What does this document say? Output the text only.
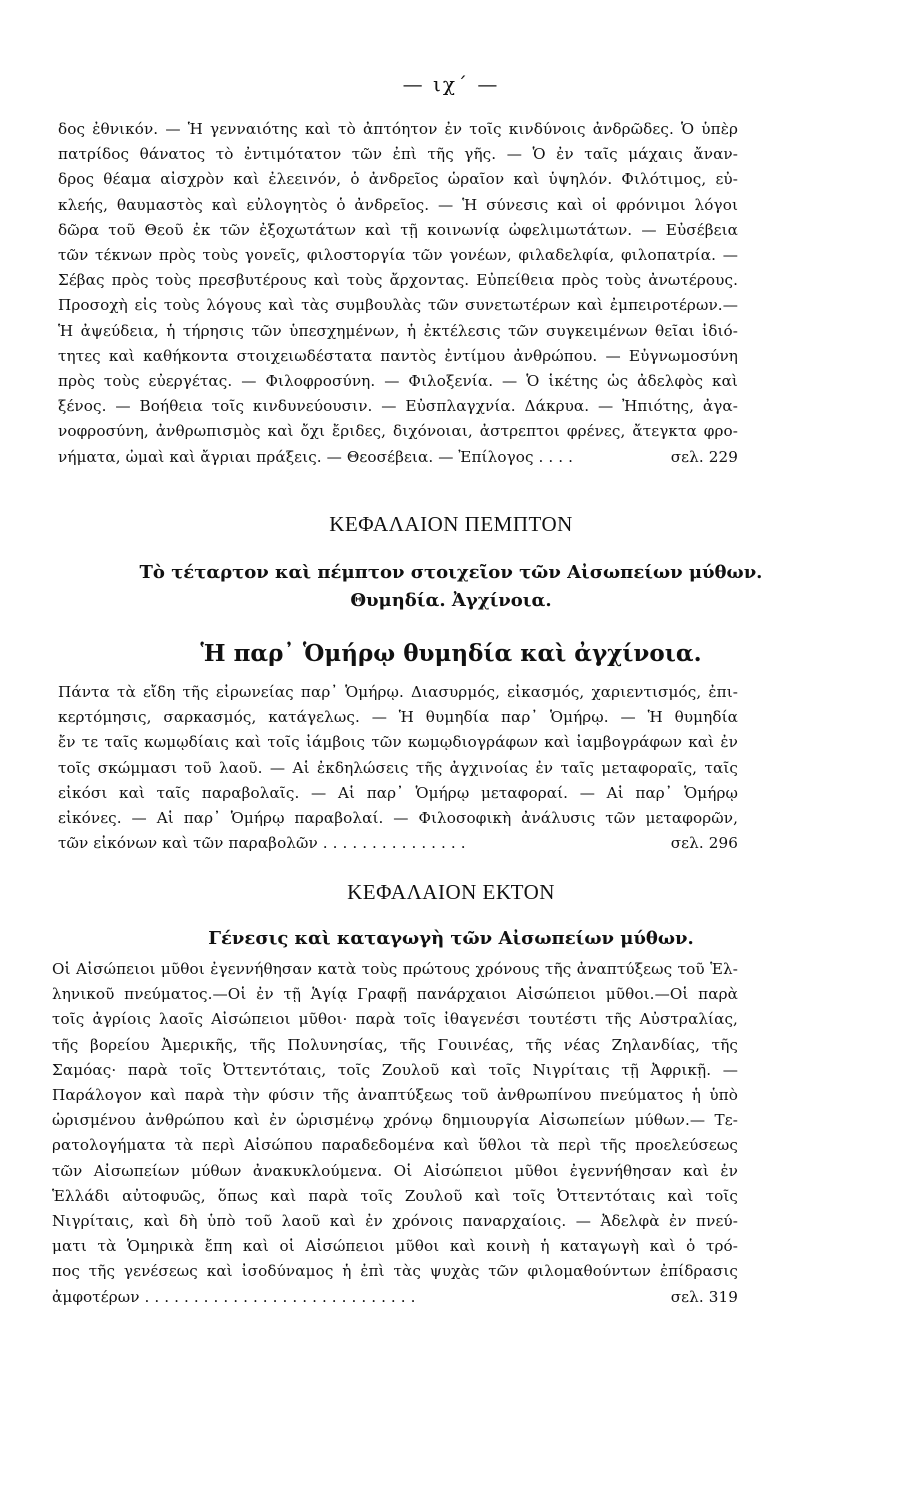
— ιχ΄ —
δος ἐθνικόν. — Ἡ γενναιότης καὶ τὸ ἀπτόητον ἐν τοῖς κινδύνοις ἀνδρῶδες. Ὁ ὑπὲρ
πατρίδος θάνατος τὸ ἐντιμότατον τῶν ἐπὶ τῆς γῆς. — Ὁ ἐν ταῖς μάχαις ἄναν-
δρος θέαμα αἰσχρὸν καὶ ἐλεεινόν, ὁ ἀνδρεῖος ὡραῖον καὶ ὑψηλόν. Φιλότιμος, εὐ-
κλεής, θαυμαστὸς καὶ εὐλογητὸς ὁ ἀνδρεῖος. — Ἡ σύνεσις καὶ οἱ φρόνιμοι λόγοι
δῶρα τοῦ Θεοῦ ἐκ τῶν ἐξοχωτάτων καὶ τῇ κοινωνίᾳ ὠφελιμωτάτων. — Εὐσέβεια
τῶν τέκνων πρὸς τοὺς γονεῖς, φιλοστοργία τῶν γονέων, φιλαδελφία, φιλοπατρία. —
Σέβας πρὸς τοὺς πρεσβυτέρους καὶ τοὺς ἄρχοντας. Εὐπείθεια πρὸς τοὺς ἀνωτέρους.
Προσοχὴ εἰς τοὺς λόγους καὶ τὰς συμβουλὰς τῶν συνετωτέρων καὶ ἐμπειροτέρων.—
Ἡ ἀψεύδεια, ἡ τήρησις τῶν ὑπεσχημένων, ἡ ἐκτέλεσις τῶν συγκειμένων θεῖαι ἰδιό-
τητες καὶ καθήκοντα στοιχειωδέστατα παντὸς ἐντίμου ἀνθρώπου. — Εὐγνωμοσύνη
πρὸς τοὺς εὐεργέτας. — Φιλοφροσύνη. — Φιλοξενία. — Ὁ ἱκέτης ὡς ἀδελφὸς καὶ
ξένος. — Βοήθεια τοῖς κινδυνεύουσιν. — Εὐσπλαγχνία. Δάκρυα. — Ἠπιότης, ἀγα-
νοφροσύνη, ἀνθρωπισμὸς καὶ ὄχι ἔριδες, διχόνοιαι, ἀστρεπτοι φρένες, ἄτεγκτα φρο-
νήματα, ὠμαὶ καὶ ἄγριαι πράξεις. — Θεοσέβεια. — Ἐπίλογος . . . .	σελ. 229
ΚΕΦΑΛΑΙΟΝ ΠΕΜΠΤΟΝ
Τὸ τέταρτον καὶ πέμπτον στοιχεῖον τῶν Αἰσωπείων μύθων.
Θυμηδία. Ἀγχίνοια.
Ἡ παρ᾽ Ὁμήρῳ θυμηδία καὶ ἀγχίνοια.
Πάντα τὰ εἴδη τῆς εἰρωνείας παρ᾽ Ὁμήρῳ. Διασυρμός, εἰκασμός, χαριεντισμός, ἐπι-
κερτόμησις, σαρκασμός, κατάγελως. — Ἡ θυμηδία παρ᾽ Ὁμήρῳ. — Ἡ θυμηδία
ἔν τε ταῖς κωμῳδίαις καὶ τοῖς ἰάμβοις τῶν κωμῳδιογράφων καὶ ἰαμβογράφων καὶ ἐν
τοῖς σκώμμασι τοῦ λαοῦ. — Αἱ ἐκδηλώσεις τῆς ἀγχινοίας ἐν ταῖς μεταφοραῖς, ταῖς
εἰκόσι καὶ ταῖς παραβολαῖς. — Αἱ παρ᾽ Ὁμήρῳ μεταφοραί. — Αἱ παρ᾽ Ὁμήρῳ
εἰκόνες. — Αἱ παρ᾽ Ὁμήρῳ παραβολαί. — Φιλοσοφικὴ ἀνάλυσις τῶν μεταφορῶν,
τῶν εἰκόνων καὶ τῶν παραβολῶν . . . . . . . . . . . . . . .	σελ. 296
ΚΕΦΑΛΑΙΟΝ ΕΚΤΟΝ
Γένεσις καὶ καταγωγὴ τῶν Αἰσωπείων μύθων.
Οἱ Αἰσώπειοι μῦθοι ἐγεννήθησαν κατὰ τοὺς πρώτους χρόνους τῆς ἀναπτύξεως τοῦ Ἑλ-
ληνικοῦ πνεύματος.—Οἱ ἐν τῇ Ἁγίᾳ Γραφῇ πανάρχαιοι Αἰσώπειοι μῦθοι.—Οἱ παρὰ
τοῖς ἀγρίοις λαοῖς Αἰσώπειοι μῦθοι· παρὰ τοῖς ἰθαγενέσι τουτέστι τῆς Αὐστραλίας,
τῆς βορείου Ἀμερικῆς, τῆς Πολυνησίας, τῆς Γουινέας, τῆς νέας Ζηλανδίας, τῆς
Σαμόας· παρὰ τοῖς Ὀττεντόταις, τοῖς Ζουλοῦ καὶ τοῖς Νιγρίταις τῇ Ἀφρικῇ. —
Παράλογον καὶ παρὰ τὴν φύσιν τῆς ἀναπτύξεως τοῦ ἀνθρωπίνου πνεύματος ἡ ὑπὸ
ὡρισμένου ἀνθρώπου καὶ ἐν ὡρισμένῳ χρόνῳ δημιουργία Αἰσωπείων μύθων.— Τε-
ρατολογήματα τὰ περὶ Αἰσώπου παραδεδομένα καὶ ὕθλοι τὰ περὶ τῆς προελεύσεως
τῶν Αἰσωπείων μύθων ἀνακυκλούμενα. Οἱ Αἰσώπειοι μῦθοι ἐγεννήθησαν καὶ ἐν
Ἑλλάδι αὐτοφυῶς, ὅπως καὶ παρὰ τοῖς Ζουλοῦ καὶ τοῖς Ὀττεντόταις καὶ τοῖς
Νιγρίταις, καὶ δὴ ὑπὸ τοῦ λαοῦ καὶ ἐν χρόνοις παναρχαίοις. — Ἀδελφὰ ἐν πνεύ-
ματι τὰ Ὁμηρικὰ ἔπη καὶ οἱ Αἰσώπειοι μῦθοι καὶ κοινὴ ἡ καταγωγὴ καὶ ὁ τρό-
πος τῆς γενέσεως καὶ ἰσοδύναμος ἡ ἐπὶ τὰς ψυχὰς τῶν φιλομαθούντων ἐπίδρασις
ἀμφοτέρων . . . . . . . . . . . . . . . . . . . . . . . . . . . .	σελ. 319
